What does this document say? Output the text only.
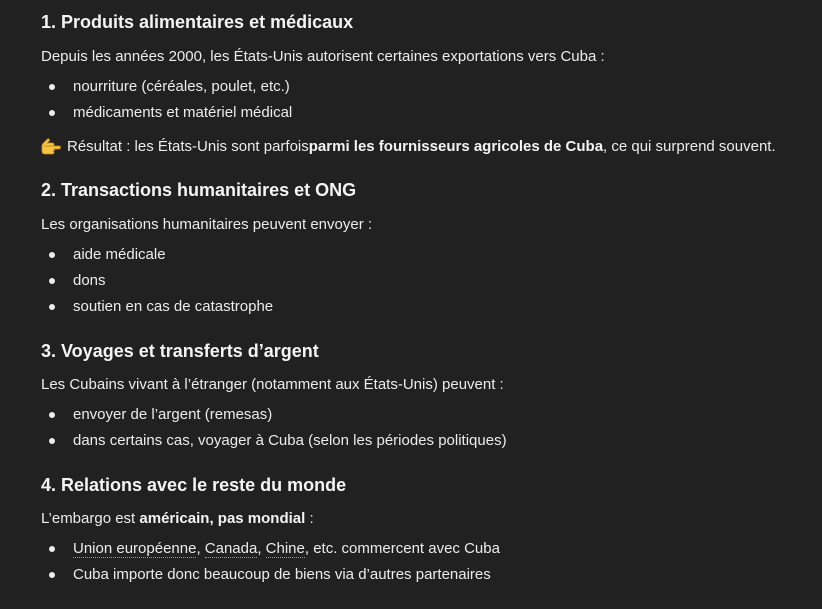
1. Produits alimentaires et médicaux

Depuis les années 2000, les États-Unis autorisent certaines exportations vers Cuba :

nourriture (céréales, poulet, etc.)
médicaments et matériel médical

Résultat : les États-Unis sont parfois parmi les fournisseurs agricoles de Cuba , ce qui surprend souvent.

2. Transactions humanitaires et ONG

Les organisations humanitaires peuvent envoyer :

aide médicale
dons
soutien en cas de catastrophe
3. Voyages et transferts d’argent

Les Cubains vivant à l’étranger (notamment aux États-Unis) peuvent :

envoyer de l’argent (remesas)
dans certains cas, voyager à Cuba (selon les périodes politiques)
4. Relations avec le reste du monde

L’embargo est américain, pas mondial :

Union européenne, Canada, Chine, etc. commercent avec Cuba
Cuba importe donc beaucoup de biens via d’autres partenaires
